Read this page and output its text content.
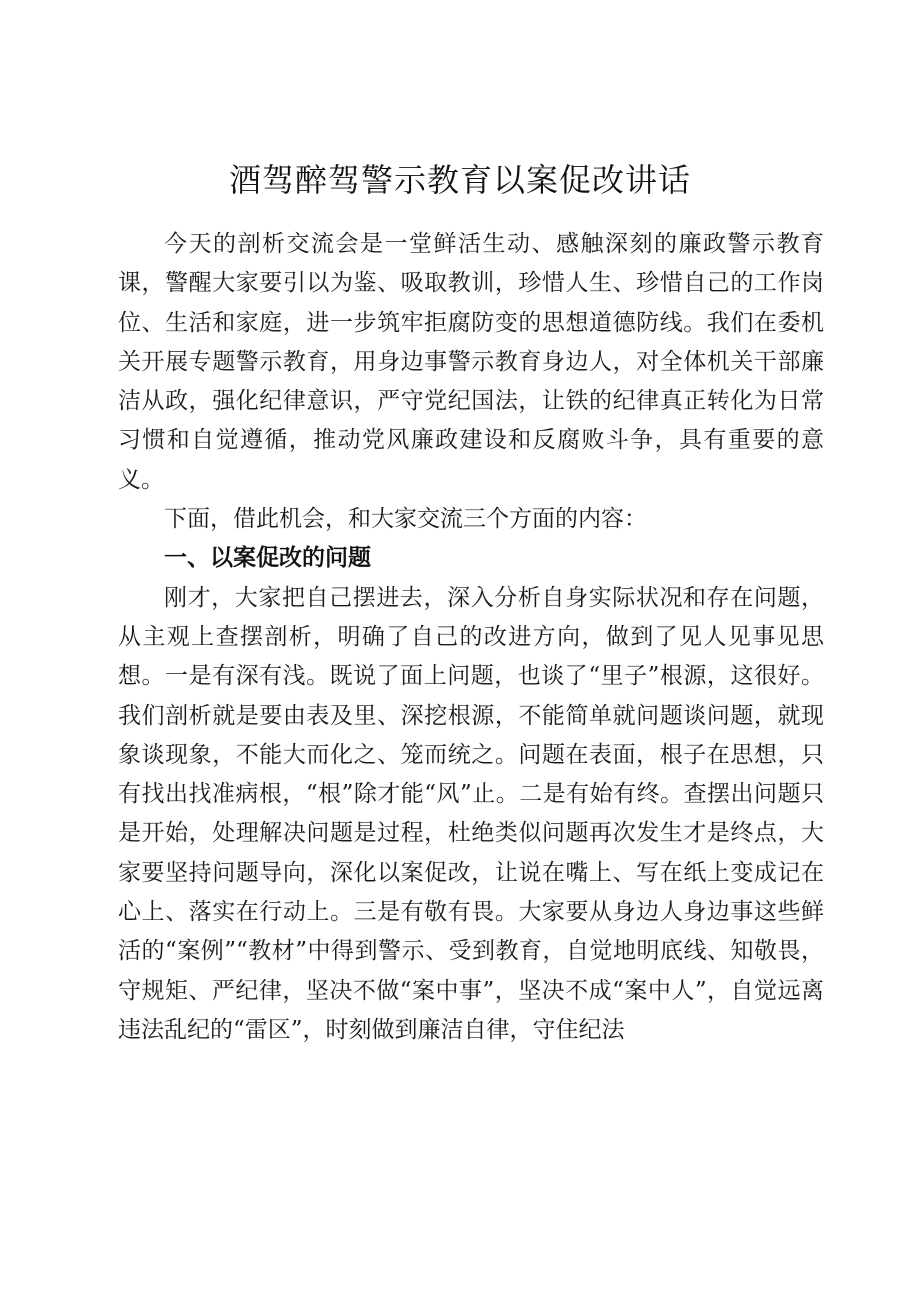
酒驾醉驾警示教育以案促改讲话

今天的剖析交流会是一堂鲜活生动、感触深刻的廉政警示教育课，警醒大家要引以为鉴、吸取教训，珍惜人生、珍惜自己的工作岗位、生活和家庭，进一步筑牢拒腐防变的思想道德防线。我们在委机关开展专题警示教育，用身边事警示教育身边人，对全体机关干部廉洁从政，强化纪律意识，严守党纪国法，让铁的纪律真正转化为日常习惯和自觉遵循，推动党风廉政建设和反腐败斗争，具有重要的意义。

下面，借此机会，和大家交流三个方面的内容：

一、以案促改的问题

刚才，大家把自己摆进去，深入分析自身实际状况和存在问题，从主观上查摆剖析，明确了自己的改进方向，做到了见人见事见思想。一是有深有浅。既说了面上问题，也谈了“里子”根源，这很好。我们剖析就是要由表及里、深挖根源，不能简单就问题谈问题，就现象谈现象，不能大而化之、笼而统之。问题在表面，根子在思想，只有找出找准病根，“根”除才能“风”止。二是有始有终。查摆出问题只是开始，处理解决问题是过程，杜绝类似问题再次发生才是终点，大家要坚持问题导向，深化以案促改，让说在嘴上、写在纸上变成记在心上、落实在行动上。三是有敬有畏。大家要从身边人身边事这些鲜活的“案例”“教材”中得到警示、受到教育，自觉地明底线、知敬畏，守规矩、严纪律，坚决不做“案中事”，坚决不成“案中人”，自觉远离违法乱纪的“雷区”，时刻做到廉洁自律，守住纪法
